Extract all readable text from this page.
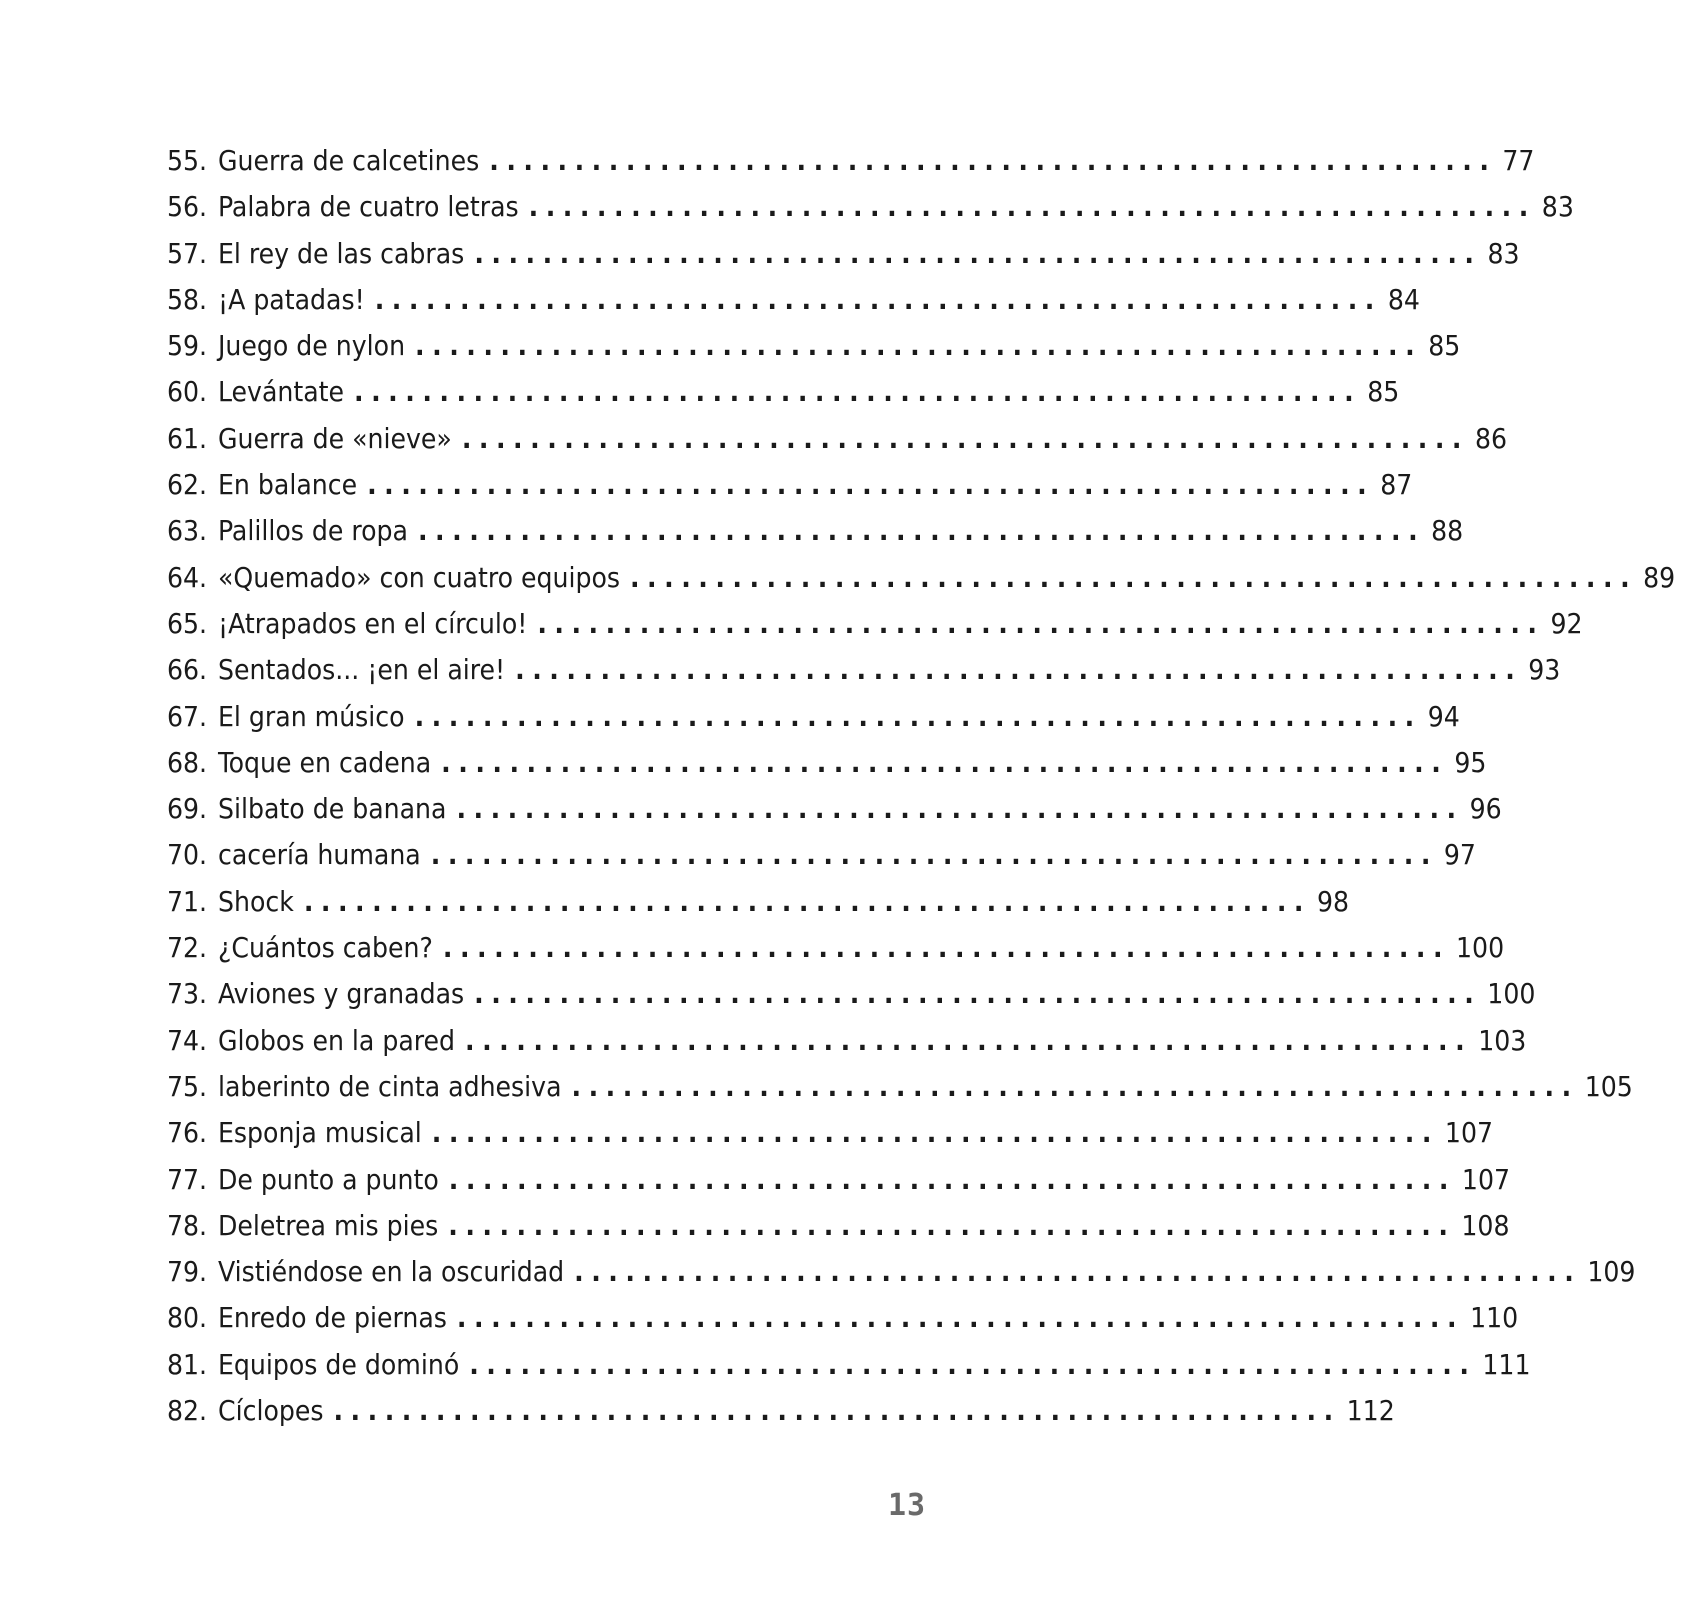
55. Guerra de calcetines ........................................................... 77
56. Palabra de cuatro letras ........................................................... 83
57. El rey de las cabras ........................................................... 83
58. ¡A patadas! ........................................................... 84
59. Juego de nylon ........................................................... 85
60. Levántate ........................................................... 85
61. Guerra de «nieve» ........................................................... 86
62. En balance ........................................................... 87
63. Palillos de ropa ........................................................... 88
64. «Quemado» con cuatro equipos ........................................................... 89
65. ¡Atrapados en el círculo! ........................................................... 92
66. Sentados... ¡en el aire! ........................................................... 93
67. El gran músico ........................................................... 94
68. Toque en cadena ........................................................... 95
69. Silbato de banana ........................................................... 96
70. cacería humana ........................................................... 97
71. Shock ........................................................... 98
72. ¿Cuántos caben? ........................................................... 100
73. Aviones y granadas ........................................................... 100
74. Globos en la pared ........................................................... 103
75. laberinto de cinta adhesiva ........................................................... 105
76. Esponja musical ........................................................... 107
77. De punto a punto ........................................................... 107
78. Deletrea mis pies ........................................................... 108
79. Vistiéndose en la oscuridad ........................................................... 109
80. Enredo de piernas ........................................................... 110
81. Equipos de dominó ........................................................... 111
82. Cíclopes ........................................................... 112
13
